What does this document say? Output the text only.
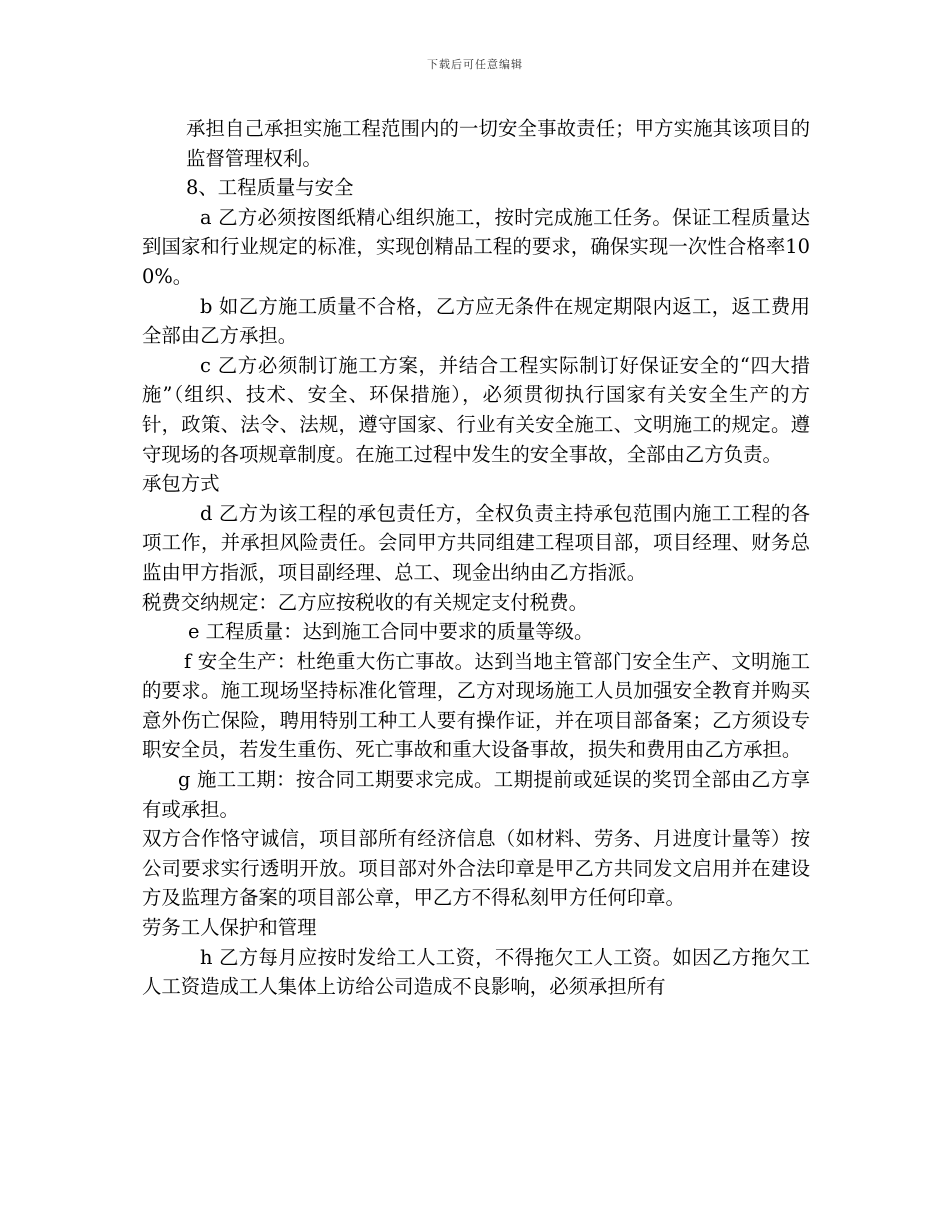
下载后可任意编辑

承担自己承担实施工程范围内的一切安全事故责任；甲方实施其该项目的监督管理权利。

8、工程质量与安全

a 乙方必须按图纸精心组织施工，按时完成施工任务。保证工程质量达到国家和行业规定的标准，实现创精品工程的要求，确保实现一次性合格率100%。

b 如乙方施工质量不合格，乙方应无条件在规定期限内返工，返工费用全部由乙方承担。

c 乙方必须制订施工方案，并结合工程实际制订好保证安全的“四大措施”（组织、技术、安全、环保措施），必须贯彻执行国家有关安全生产的方针，政策、法令、法规，遵守国家、行业有关安全施工、文明施工的规定。遵守现场的各项规章制度。在施工过程中发生的安全事故，全部由乙方负责。

承包方式

d 乙方为该工程的承包责任方，全权负责主持承包范围内施工工程的各项工作，并承担风险责任。会同甲方共同组建工程项目部，项目经理、财务总监由甲方指派，项目副经理、总工、现金出纳由乙方指派。

税费交纳规定：乙方应按税收的有关规定支付税费。

e 工程质量：达到施工合同中要求的质量等级。

f 安全生产：杜绝重大伤亡事故。达到当地主管部门安全生产、文明施工的要求。施工现场坚持标准化管理，乙方对现场施工人员加强安全教育并购买意外伤亡保险，聘用特别工种工人要有操作证，并在项目部备案；乙方须设专职安全员，若发生重伤、死亡事故和重大设备事故，损失和费用由乙方承担。

g 施工工期：按合同工期要求完成。工期提前或延误的奖罚全部由乙方享有或承担。

双方合作恪守诚信，项目部所有经济信息（如材料、劳务、月进度计量等）按公司要求实行透明开放。项目部对外合法印章是甲乙方共同发文启用并在建设方及监理方备案的项目部公章，甲乙方不得私刻甲方任何印章。

劳务工人保护和管理

h 乙方每月应按时发给工人工资，不得拖欠工人工资。如因乙方拖欠工人工资造成工人集体上访给公司造成不良影响，必须承担所有
